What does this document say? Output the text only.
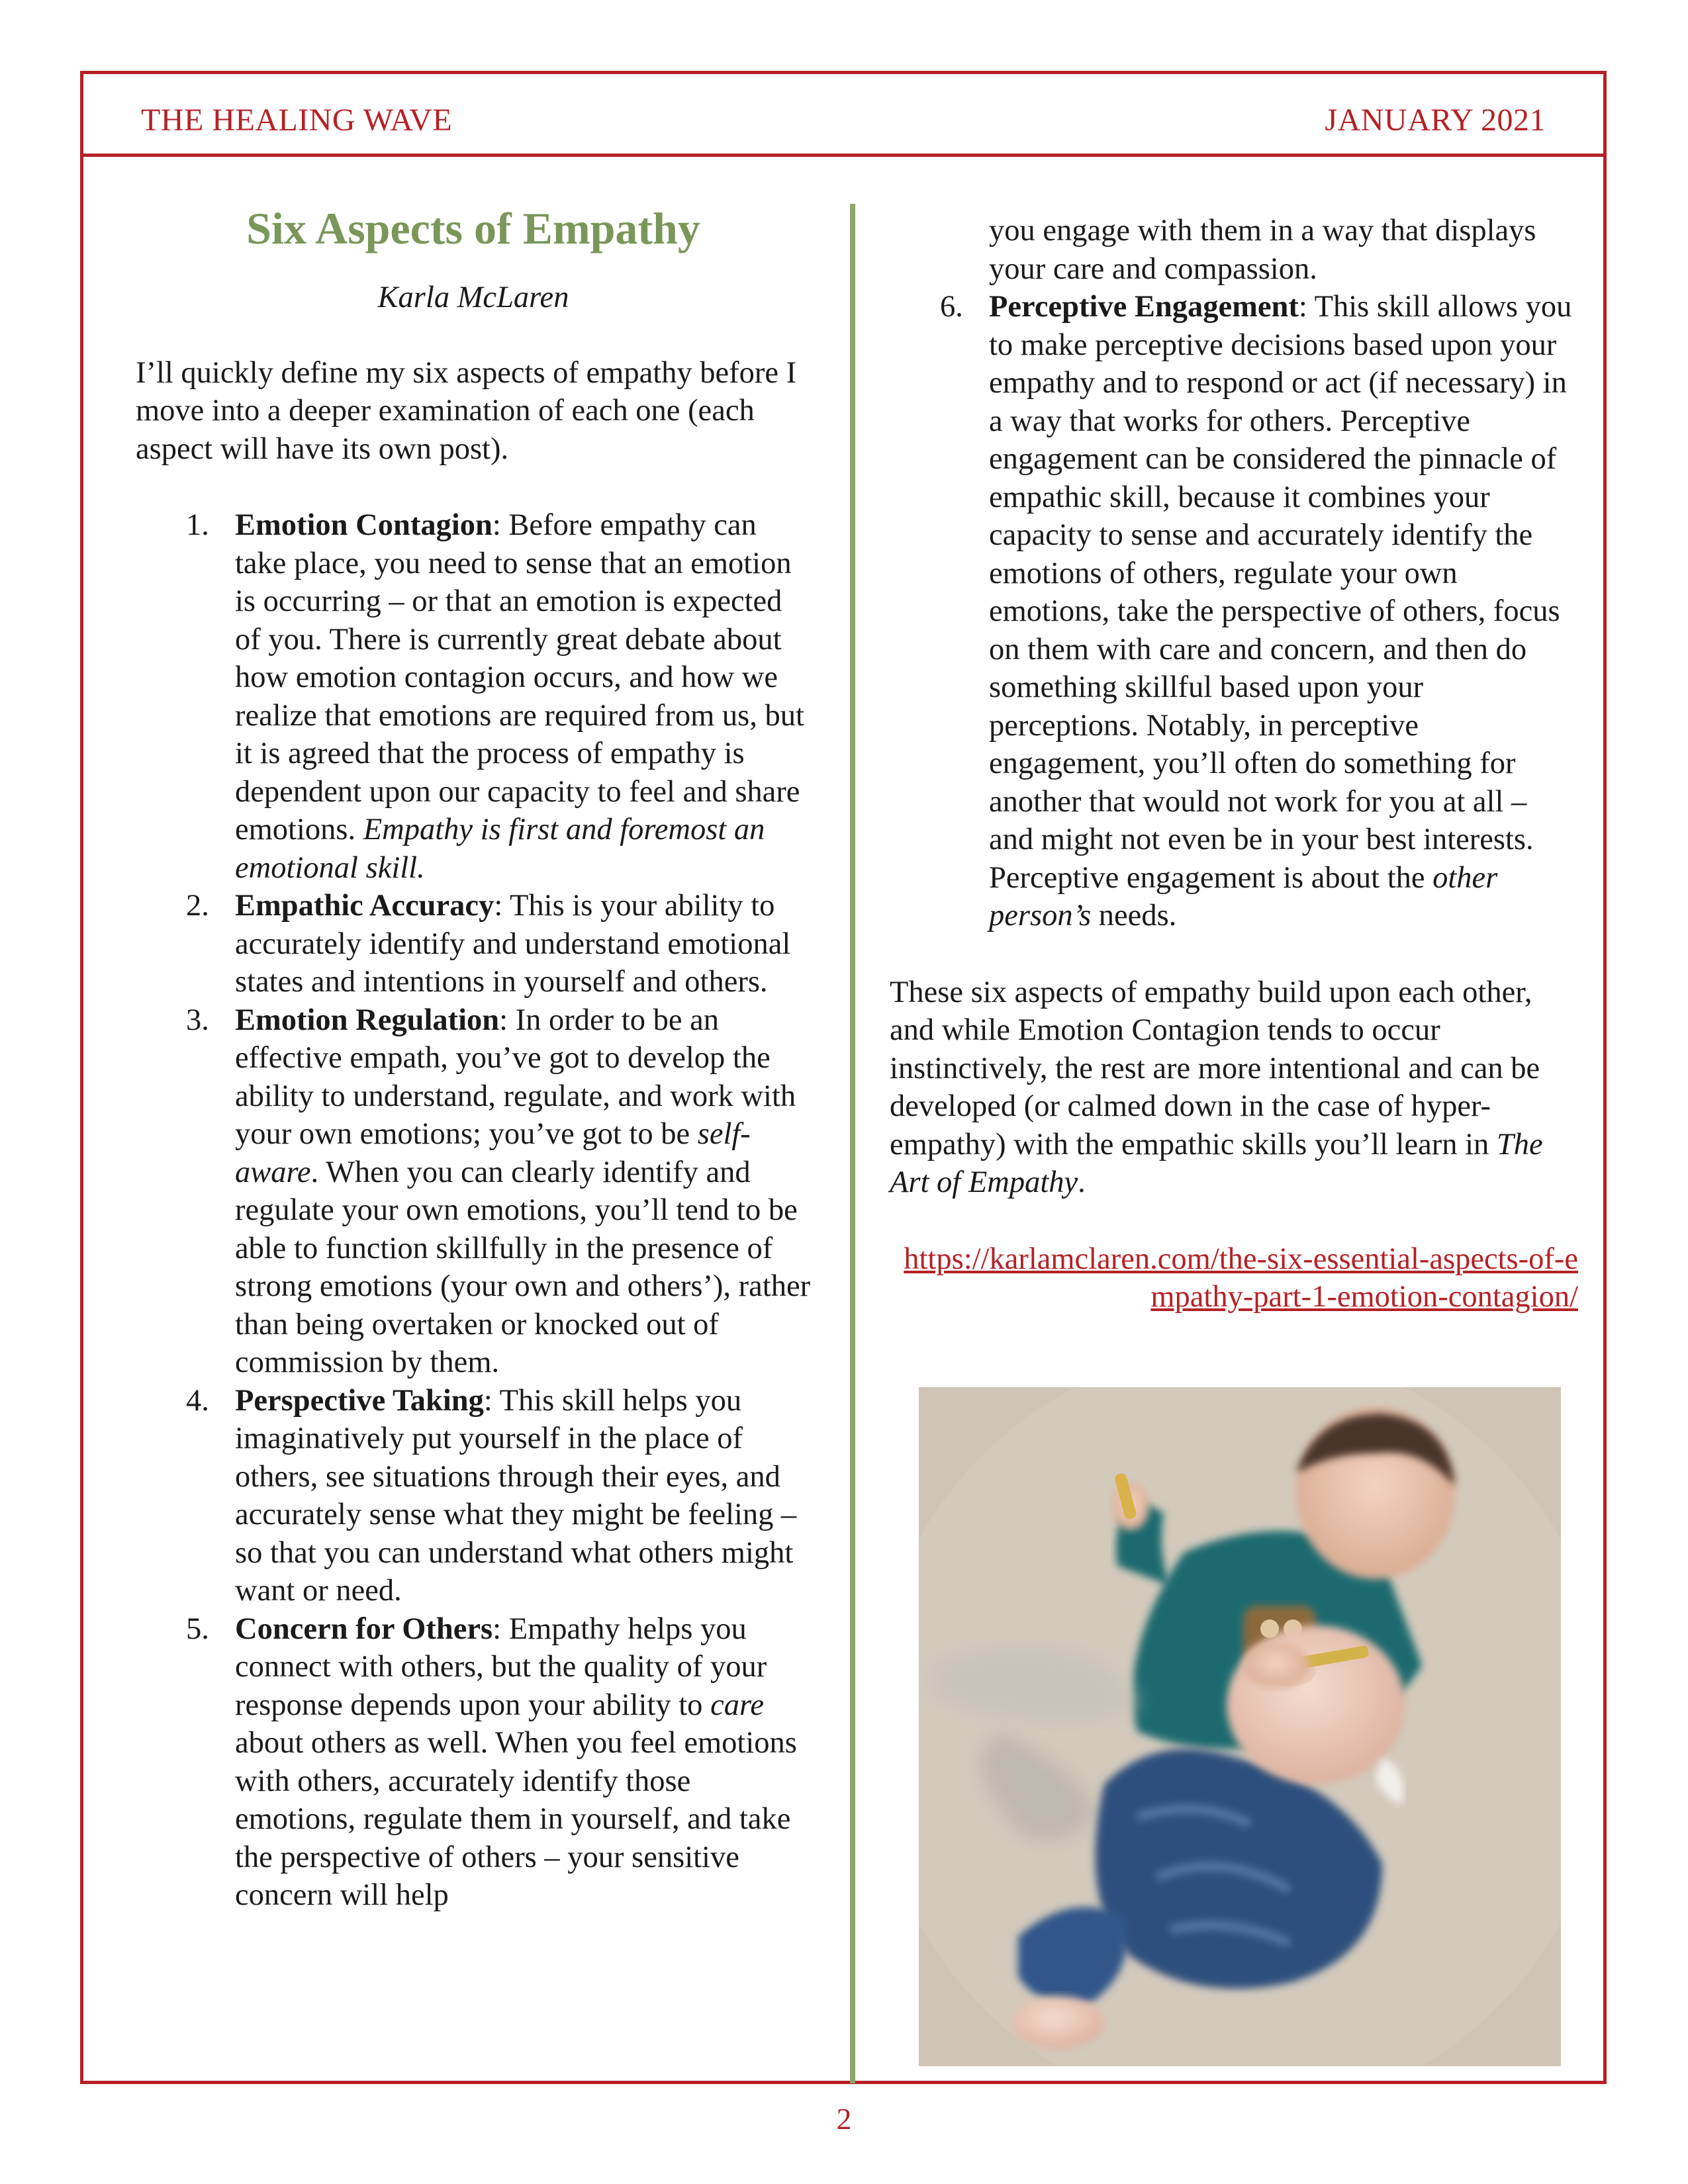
THE HEALING WAVE	JANUARY 2021
Six Aspects of Empathy
Karla McLaren
I’ll quickly define my six aspects of empathy before I move into a deeper examination of each one (each aspect will have its own post).
1. Emotion Contagion: Before empathy can take place, you need to sense that an emotion is occurring – or that an emotion is expected of you. There is currently great debate about how emotion contagion occurs, and how we realize that emotions are required from us, but it is agreed that the process of empathy is dependent upon our capacity to feel and share emotions. Empathy is first and foremost an emotional skill.
2. Empathic Accuracy: This is your ability to accurately identify and understand emotional states and intentions in yourself and others.
3. Emotion Regulation: In order to be an effective empath, you’ve got to develop the ability to understand, regulate, and work with your own emotions; you’ve got to be self-aware. When you can clearly identify and regulate your own emotions, you’ll tend to be able to function skillfully in the presence of strong emotions (your own and others’), rather than being overtaken or knocked out of commission by them.
4. Perspective Taking: This skill helps you imaginatively put yourself in the place of others, see situations through their eyes, and accurately sense what they might be feeling – so that you can understand what others might want or need.
5. Concern for Others: Empathy helps you connect with others, but the quality of your response depends upon your ability to care about others as well. When you feel emotions with others, accurately identify those emotions, regulate them in yourself, and take the perspective of others – your sensitive concern will help

you engage with them in a way that displays your care and compassion.

6. Perceptive Engagement: This skill allows you to make perceptive decisions based upon your empathy and to respond or act (if necessary) in a way that works for others. Perceptive engagement can be considered the pinnacle of empathic skill, because it combines your capacity to sense and accurately identify the emotions of others, regulate your own emotions, take the perspective of others, focus on them with care and concern, and then do something skillful based upon your perceptions. Notably, in perceptive engagement, you’ll often do something for another that would not work for you at all – and might not even be in your best interests. Perceptive engagement is about the other person’s needs.
These six aspects of empathy build upon each other, and while Emotion Contagion tends to occur instinctively, the rest are more intentional and can be developed (or calmed down in the case of hyper-empathy) with the empathic skills you’ll learn in The Art of Empathy.
https://karlamclaren.com/the-six-essential-aspects-of-empathy-part-1-emotion-contagion/
2
